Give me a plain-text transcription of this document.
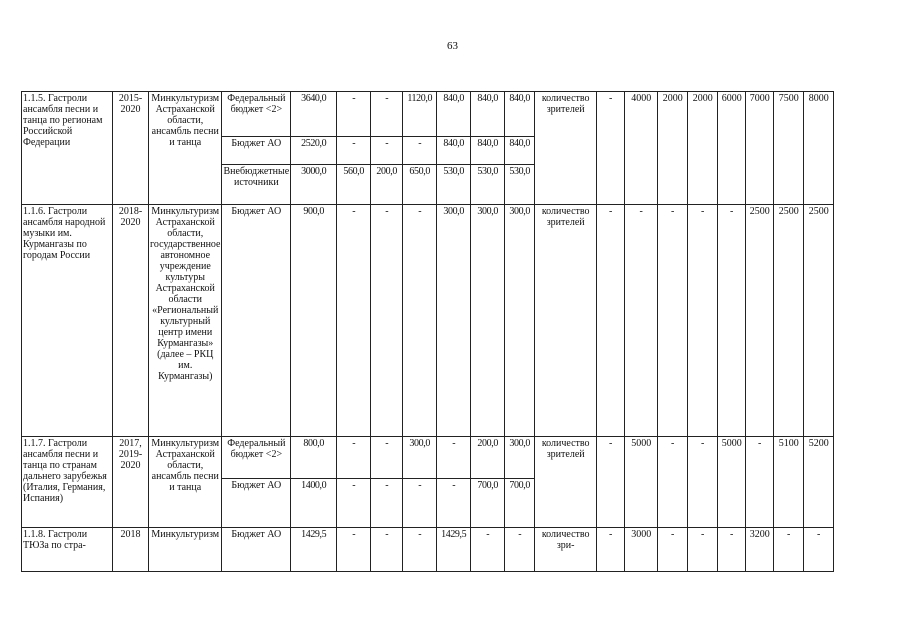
63
1.1.5. Гастроли ансамбля песни и танца по регионам Российской Федерации	2015-2020	Минкультуризм Астраханской области, ансамбль песни и танца	Федеральный бюджет <2>	3640,0	-	-	1120,0	840,0	840,0	840,0	количество зрителей	-	4000	2000	2000	6000	7000	7500	8000
			Бюджет АО	2520,0	-	-	-	840,0	840,0	840,0									
			Внебюджетные источники	3000,0	560,0	200,0	650,0	530,0	530,0	530,0									
1.1.6. Гастроли ансамбля народной музыки им. Курмангазы по городам России	2018-2020	Минкультуризм Астраханской области, государственное автономное учреждение культуры Астраханской области «Региональный культурный центр имени Курмангазы» (далее – РКЦ им. Курмангазы)	Бюджет АО	900,0	-	-	-	300,0	300,0	300,0	количество зрителей	-	-	-	-	-	2500	2500	2500
1.1.7. Гастроли ансамбля песни и танца по странам дальнего зарубежья (Италия, Германия, Испания)	2017, 2019-2020	Минкультуризм Астраханской области, ансамбль песни и танца	Федеральный бюджет <2>	800,0	-	-	300,0	-	200,0	300,0	количество зрителей	-	5000	-	-	5000	-	5100	5200
			Бюджет АО	1400,0	-	-	-	-	700,0	700,0									
1.1.8. Гастроли ТЮЗа по стра-	2018	Минкультуризм	Бюджет АО	1429,5	-	-	-	1429,5	-	-	количество зри-	-	3000	-	-	-	3200	-	-
